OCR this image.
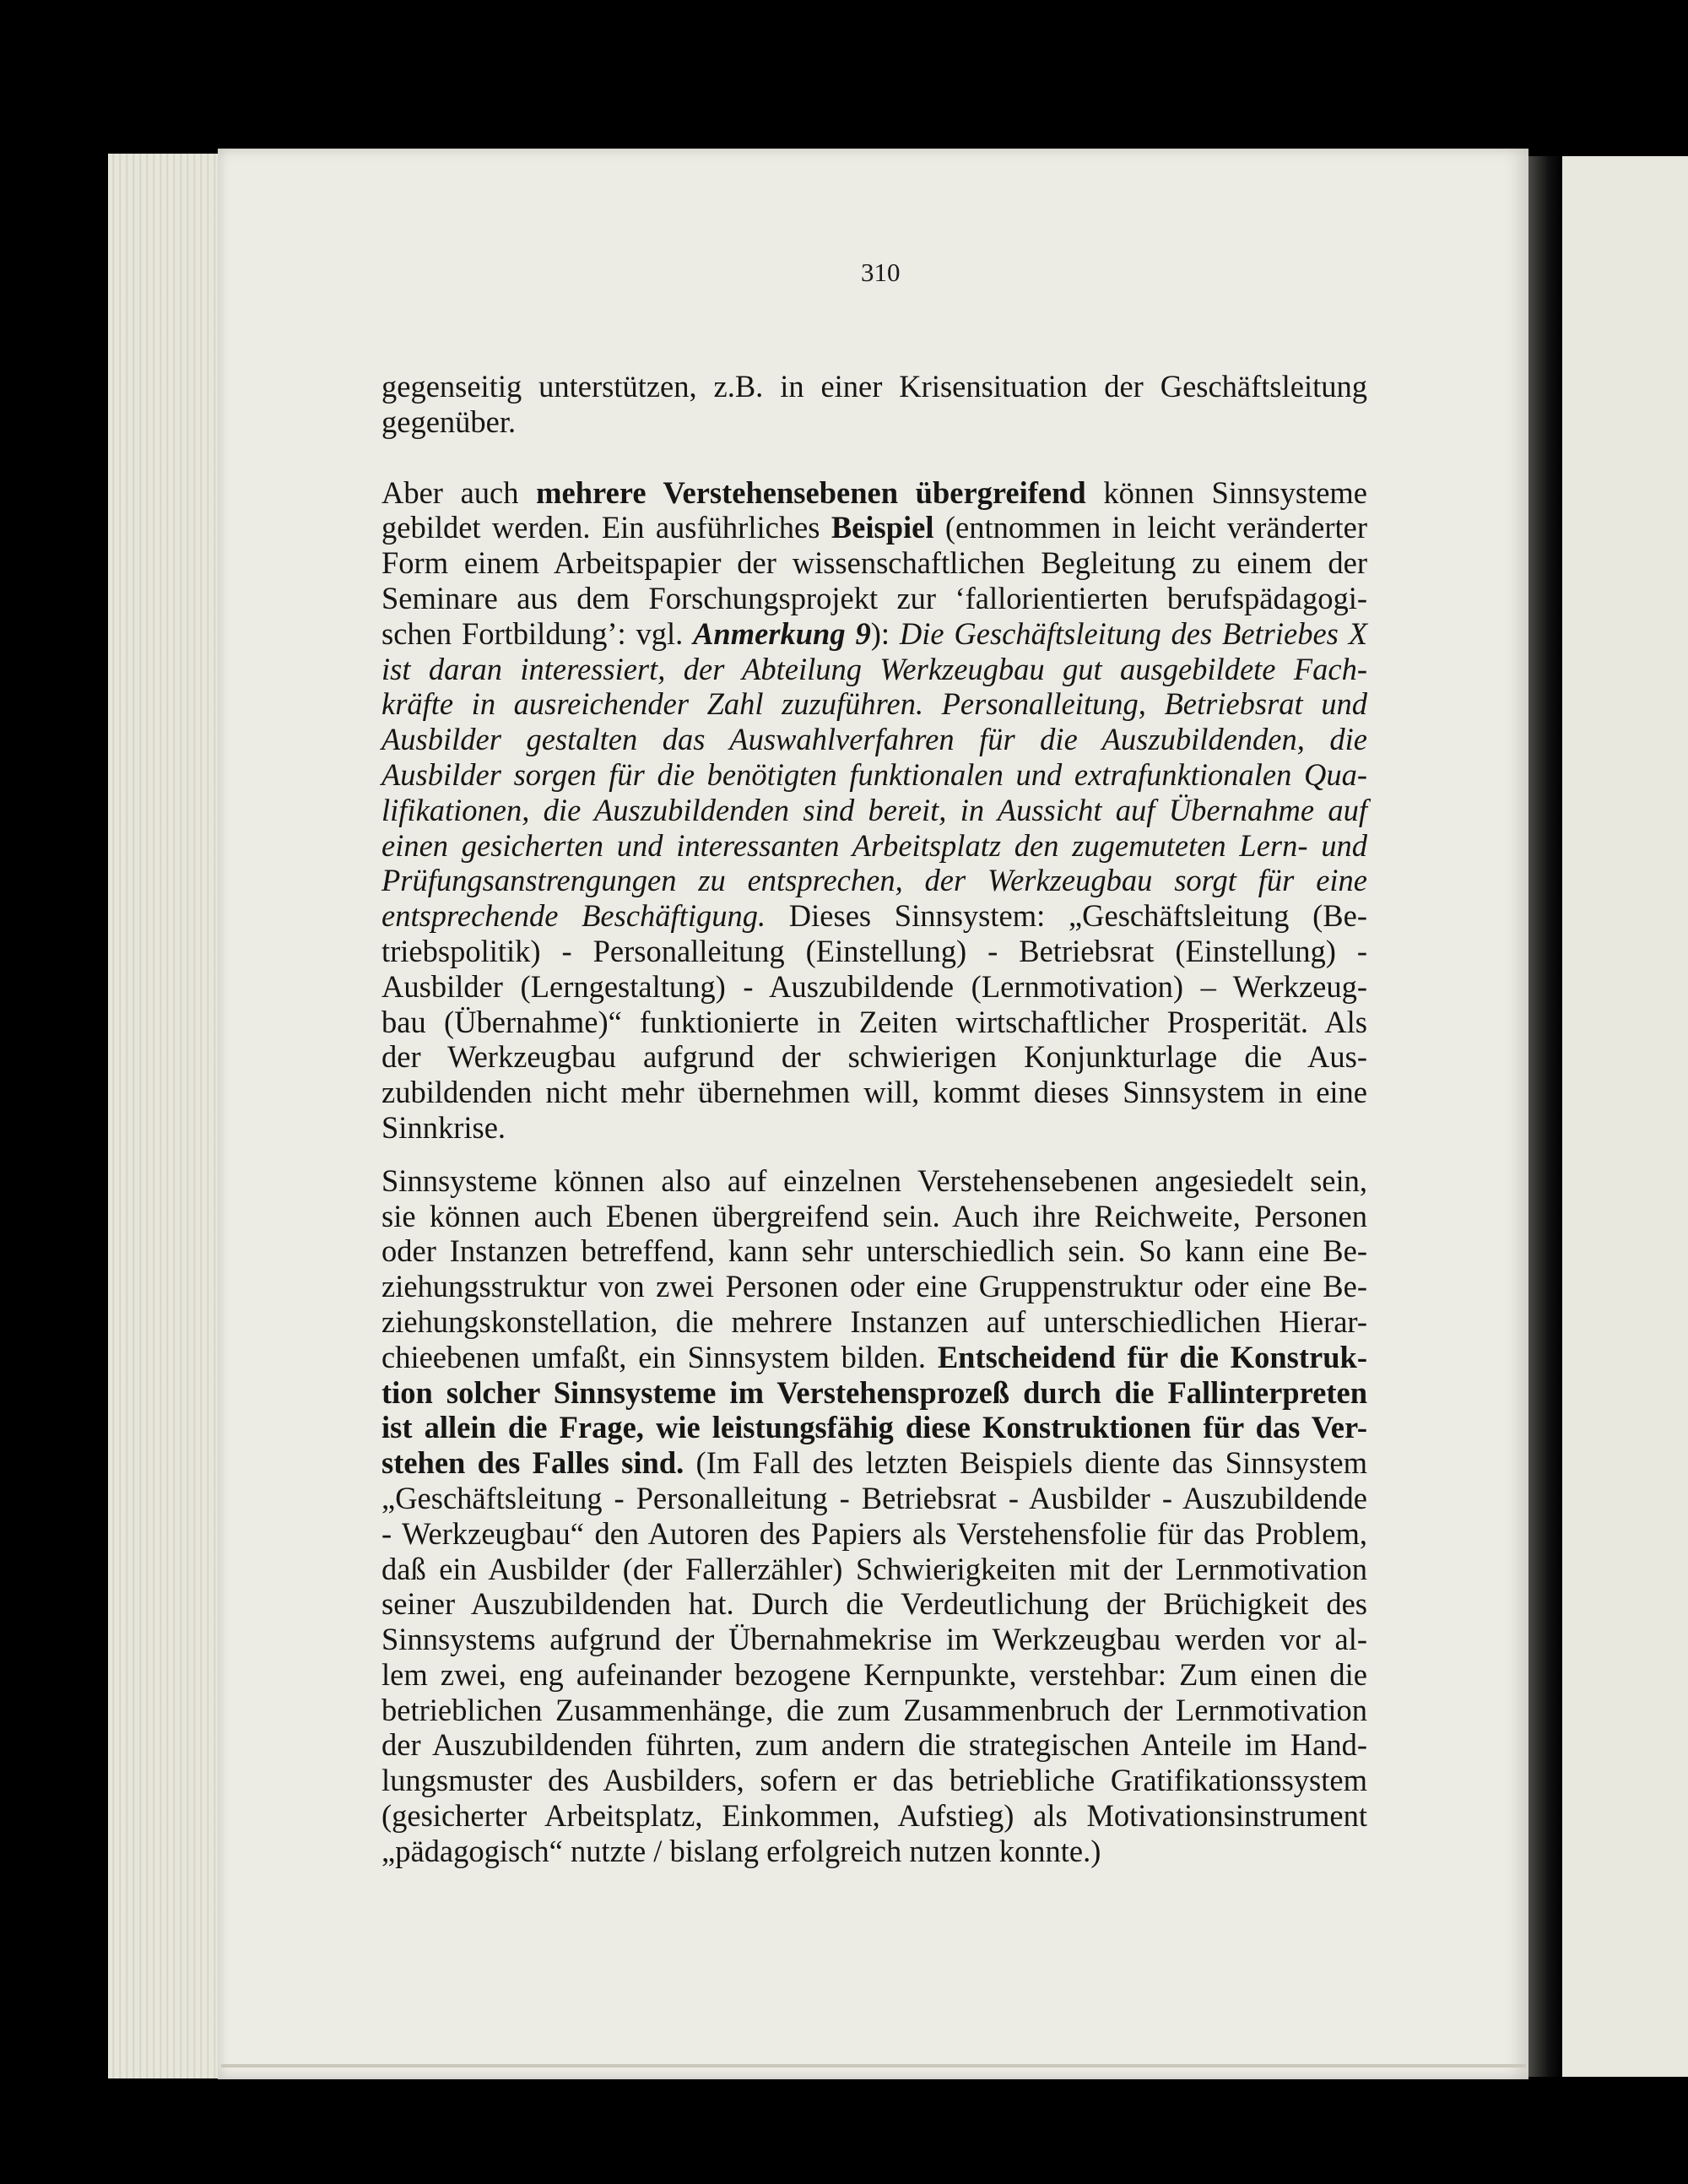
310
gegenseitig unterstützen, z.B. in einer Krisensituation der Geschäftsleitung
gegenüber.
Aber auch mehrere Verstehensebenen übergreifend können Sinnsysteme
gebildet werden. Ein ausführliches Beispiel (entnommen in leicht veränderter
Form einem Arbeitspapier der wissenschaftlichen Begleitung zu einem der
Seminare aus dem Forschungsprojekt zur ‘fallorientierten berufspädagogi-
schen Fortbildung’: vgl. Anmerkung 9): Die Geschäftsleitung des Betriebes X
ist daran interessiert, der Abteilung Werkzeugbau gut ausgebildete Fach-
kräfte in ausreichender Zahl zuzuführen. Personalleitung, Betriebsrat und
Ausbilder gestalten das Auswahlverfahren für die Auszubildenden, die
Ausbilder sorgen für die benötigten funktionalen und extrafunktionalen Qua-
lifikationen, die Auszubildenden sind bereit, in Aussicht auf Übernahme auf
einen gesicherten und interessanten Arbeitsplatz den zugemuteten Lern- und
Prüfungsanstrengungen zu entsprechen, der Werkzeugbau sorgt für eine
entsprechende Beschäftigung. Dieses Sinnsystem: „Geschäftsleitung (Be-
triebspolitik) - Personalleitung (Einstellung) - Betriebsrat (Einstellung) -
Ausbilder (Lerngestaltung) - Auszubildende (Lernmotivation) – Werkzeug-
bau (Übernahme)“ funktionierte in Zeiten wirtschaftlicher Prosperität. Als
der Werkzeugbau aufgrund der schwierigen Konjunkturlage die Aus-
zubildenden nicht mehr übernehmen will, kommt dieses Sinnsystem in eine
Sinnkrise.
Sinnsysteme können also auf einzelnen Verstehensebenen angesiedelt sein,
sie können auch Ebenen übergreifend sein. Auch ihre Reichweite, Personen
oder Instanzen betreffend, kann sehr unterschiedlich sein. So kann eine Be-
ziehungsstruktur von zwei Personen oder eine Gruppenstruktur oder eine Be-
ziehungskonstellation, die mehrere Instanzen auf unterschiedlichen Hierar-
chieebenen umfaßt, ein Sinnsystem bilden. Entscheidend für die Konstruk-
tion solcher Sinnsysteme im Verstehensprozeß durch die Fallinterpreten
ist allein die Frage, wie leistungsfähig diese Konstruktionen für das Ver-
stehen des Falles sind. (Im Fall des letzten Beispiels diente das Sinnsystem
„Geschäftsleitung - Personalleitung - Betriebsrat - Ausbilder - Auszubildende
- Werkzeugbau“ den Autoren des Papiers als Verstehensfolie für das Problem,
daß ein Ausbilder (der Fallerzähler) Schwierigkeiten mit der Lernmotivation
seiner Auszubildenden hat. Durch die Verdeutlichung der Brüchigkeit des
Sinnsystems aufgrund der Übernahmekrise im Werkzeugbau werden vor al-
lem zwei, eng aufeinander bezogene Kernpunkte, verstehbar: Zum einen die
betrieblichen Zusammenhänge, die zum Zusammenbruch der Lernmotivation
der Auszubildenden führten, zum andern die strategischen Anteile im Hand-
lungsmuster des Ausbilders, sofern er das betriebliche Gratifikationssystem
(gesicherter Arbeitsplatz, Einkommen, Aufstieg) als Motivationsinstrument
„pädagogisch“ nutzte / bislang erfolgreich nutzen konnte.)
